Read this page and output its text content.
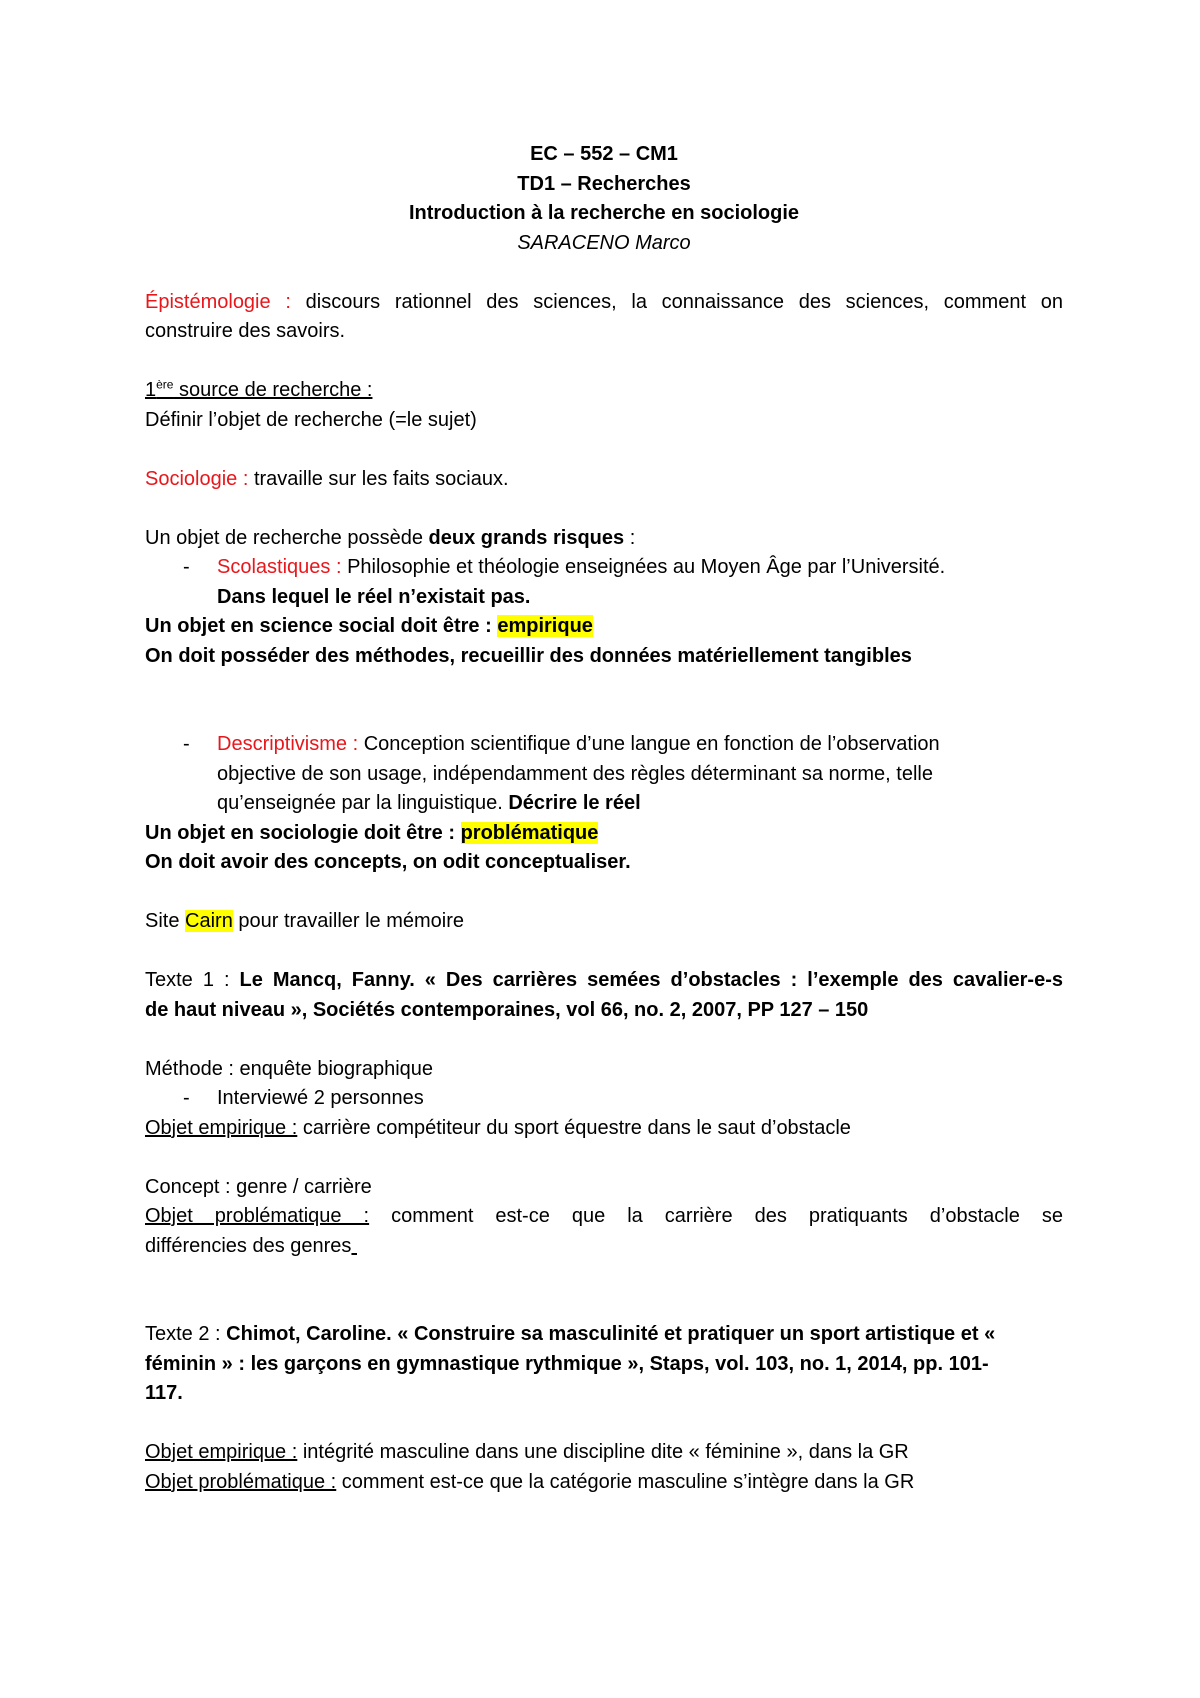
EC – 552 – CM1
TD1 – Recherches
Introduction à la recherche en sociologie
SARACENO Marco
Épistémologie : discours rationnel des sciences, la connaissance des sciences, comment on
construire des savoirs.
1ère source de recherche :
Définir l’objet de recherche (=le sujet)
Sociologie : travaille sur les faits sociaux.
Un objet de recherche possède deux grands risques :
- Scolastiques : Philosophie et théologie enseignées au Moyen Âge par l’Université.
Dans lequel le réel n’existait pas.
Un objet en science social doit être : empirique
On doit posséder des méthodes, recueillir des données matériellement tangibles
- Descriptivisme : Conception scientifique d’une langue en fonction de l’observation
objective de son usage, indépendamment des règles déterminant sa norme, telle
qu’enseignée par la linguistique. Décrire le réel
Un objet en sociologie doit être : problématique
On doit avoir des concepts, on odit conceptualiser.
Site Cairn pour travailler le mémoire
Texte 1 : Le Mancq, Fanny. « Des carrières semées d’obstacles : l’exemple des cavalier-e-s
de haut niveau », Sociétés contemporaines, vol 66, no. 2, 2007, PP 127 – 150
Méthode : enquête biographique
- Interviewé 2 personnes
Objet empirique : carrière compétiteur du sport équestre dans le saut d’obstacle
Concept : genre / carrière
Objet problématique : comment est-ce que la carrière des pratiquants d’obstacle se
différencies des genres
Texte 2 : Chimot, Caroline. « Construire sa masculinité et pratiquer un sport artistique et «
féminin » : les garçons en gymnastique rythmique », Staps, vol. 103, no. 1, 2014, pp. 101-
117.
Objet empirique : intégrité masculine dans une discipline dite « féminine », dans la GR
Objet problématique : comment est-ce que la catégorie masculine s’intègre dans la GR
